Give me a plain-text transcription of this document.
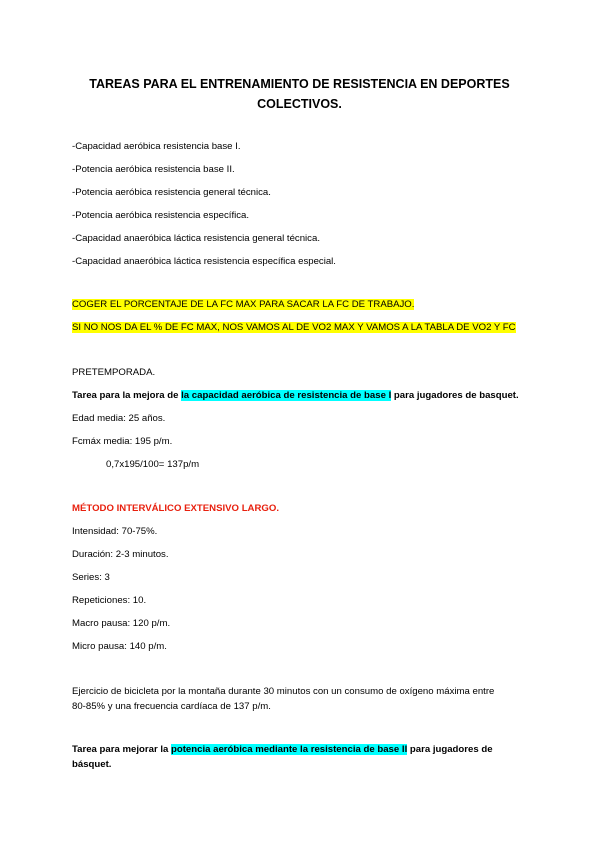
TAREAS PARA EL ENTRENAMIENTO DE RESISTENCIA EN DEPORTES COLECTIVOS.
-Capacidad aeróbica resistencia base I.
-Potencia aeróbica resistencia base II.
-Potencia aeróbica resistencia general técnica.
-Potencia aeróbica resistencia específica.
-Capacidad anaeróbica láctica resistencia general técnica.
-Capacidad anaeróbica láctica resistencia específica especial.
COGER EL PORCENTAJE DE LA FC MAX PARA SACAR LA FC DE TRABAJO.
SI NO NOS DA EL % DE FC MAX, NOS VAMOS AL DE VO2 MAX Y VAMOS A LA TABLA DE VO2 Y FC
PRETEMPORADA.
Tarea para la mejora de la capacidad aeróbica de resistencia de base I para jugadores de basquet.
Edad media: 25 años.
Fcmáx media: 195 p/m.
0,7x195/100= 137p/m
MÉTODO INTERVÁLICO EXTENSIVO LARGO.
Intensidad: 70-75%.
Duración: 2-3 minutos.
Series: 3
Repeticiones: 10.
Macro pausa: 120 p/m.
Micro pausa: 140 p/m.
Ejercicio de bicicleta por la montaña durante 30 minutos con un consumo de oxígeno máxima entre
80-85% y una frecuencia cardíaca de 137 p/m.
Tarea para mejorar la potencia aeróbica mediante la resistencia de base II para jugadores de
básquet.
